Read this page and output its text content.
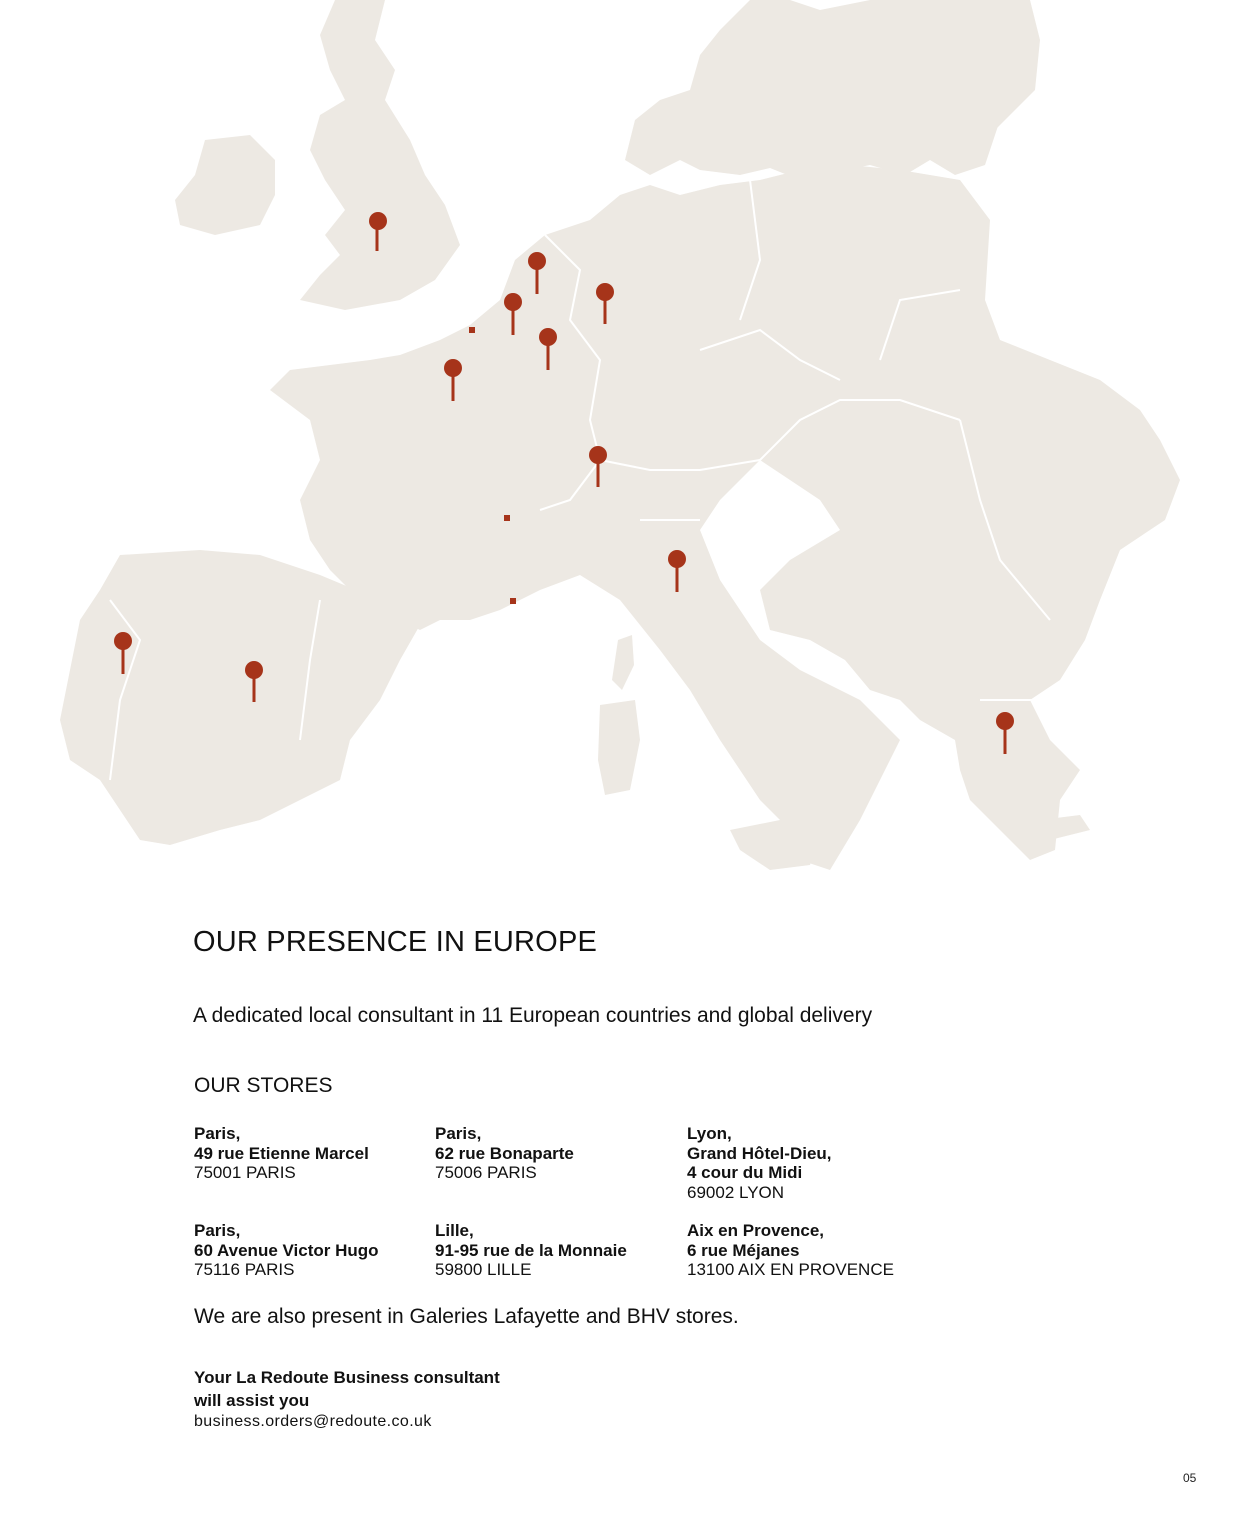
OUR PRESENCE IN EUROPE
A dedicated local consultant in 11 European countries and global delivery
OUR STORES
Paris,
49 rue Etienne Marcel
75001 PARIS
Paris,
62 rue Bonaparte
75006 PARIS
Lyon,
Grand Hôtel-Dieu,
4 cour du Midi
69002 LYON
Paris,
60 Avenue Victor Hugo
75116 PARIS
Lille,
91-95 rue de la Monnaie
59800 LILLE
Aix en Provence,
6 rue Méjanes
13100 AIX EN PROVENCE
We are also present in Galeries Lafayette and BHV stores.
Your La Redoute Business consultant
will assist you
business.orders@redoute.co.uk
05
